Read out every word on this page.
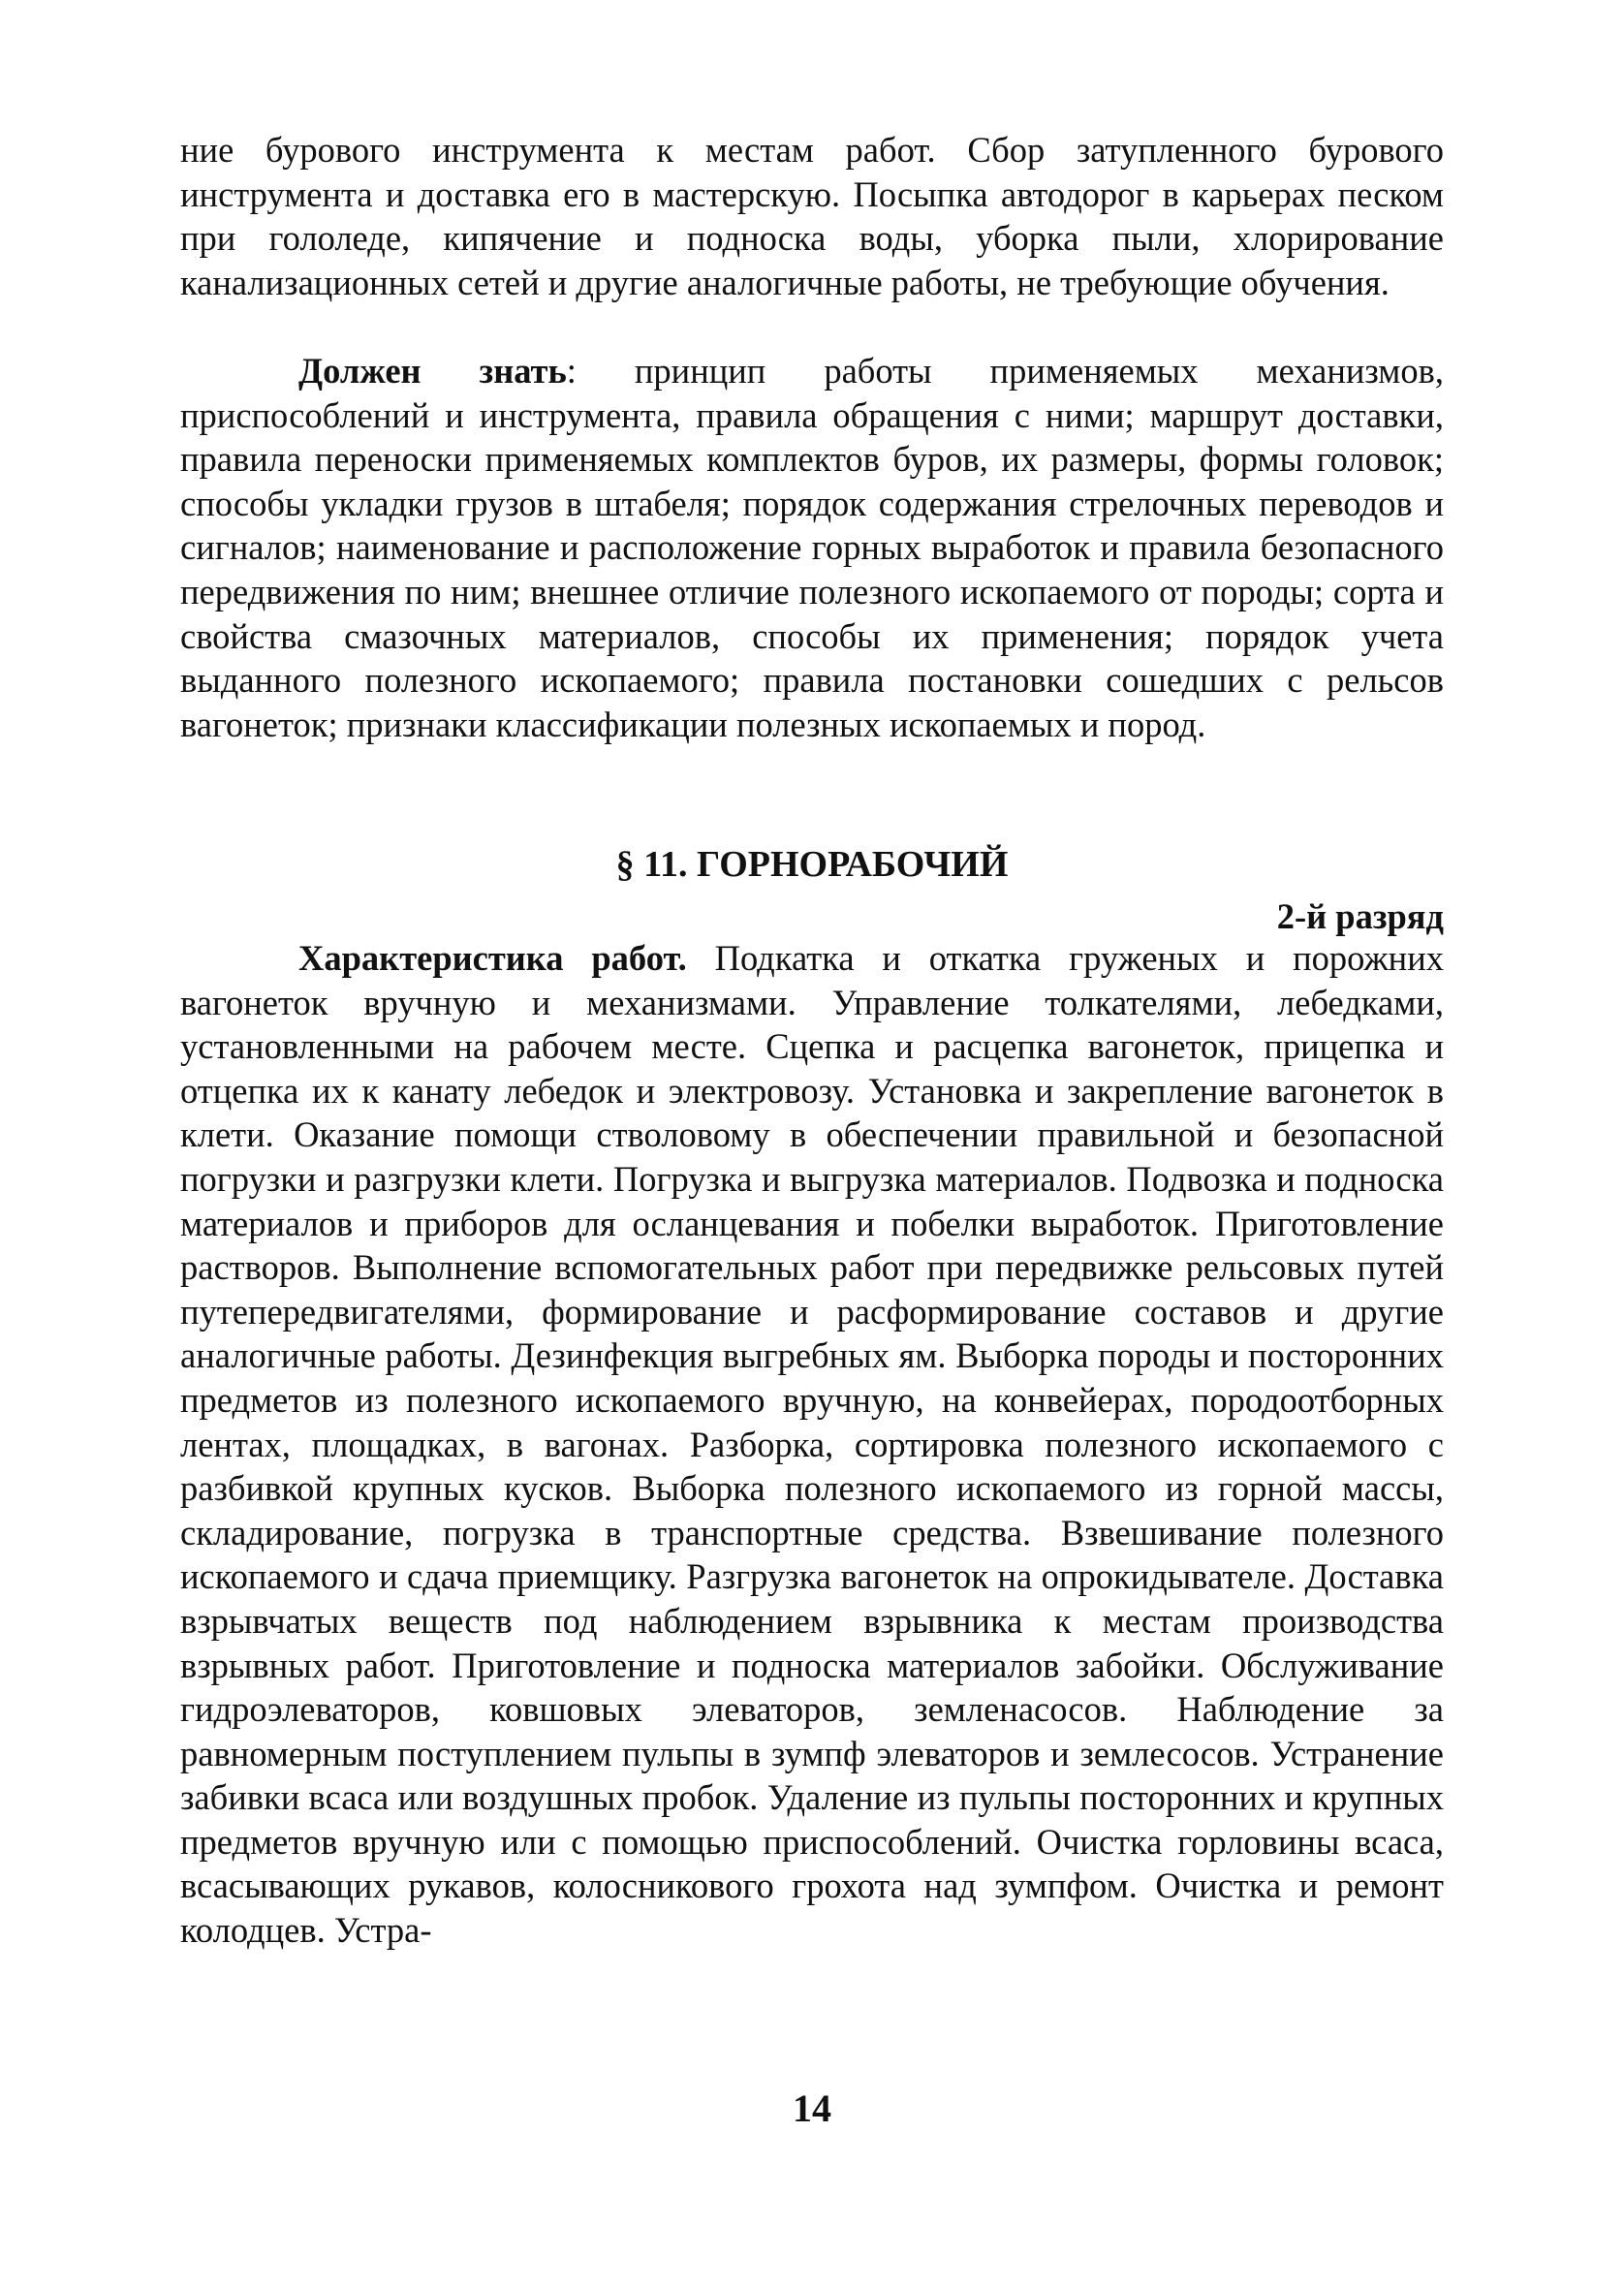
ние бурового инструмента к местам работ. Сбор затупленного бурового инструмента и доставка его в мастерскую. Посыпка автодорог в карьерах песком при гололеде, кипячение и подноска воды, уборка пыли, хлорирование канализационных сетей и другие аналогичные работы, не требующие обучения.

Должен знать: принцип работы применяемых механизмов, приспособлений и инструмента, правила обращения с ними; маршрут доставки, правила переноски применяемых комплектов буров, их размеры, формы головок; способы укладки грузов в штабеля; порядок содержания стрелочных переводов и сигналов; наименование и расположение горных выработок и правила безопасного передвижения по ним; внешнее отличие полезного ископаемого от породы; сорта и свойства смазочных материалов, способы их применения; порядок учета выданного полезного ископаемого; правила постановки сошедших с рельсов вагонеток; признаки классификации полезных ископаемых и пород.

§ 11. ГОРНОРАБОЧИЙ

2-й разряд

Характеристика работ. Подкатка и откатка груженых и порожних вагонеток вручную и механизмами. Управление толкателями, лебедками, установленными на рабочем месте. Сцепка и расцепка вагонеток, прицепка и отцепка их к канату лебедок и электровозу. Установка и закрепление вагонеток в клети. Оказание помощи стволовому в обеспечении правильной и безопасной погрузки и разгрузки клети. Погрузка и выгрузка материалов. Подвозка и подноска материалов и приборов для осланцевания и побелки выработок. Приготовление растворов. Выполнение вспомогательных работ при передвижке рельсовых путей путепередвигателями, формирование и расформирование составов и другие аналогичные работы. Дезинфекция выгребных ям. Выборка породы и посторонних предметов из полезного ископаемого вручную, на конвейерах, породоотборных лентах, площадках, в вагонах. Разборка, сортировка полезного ископаемого с разбивкой крупных кусков. Выборка полезного ископаемого из горной массы, складирование, погрузка в транспортные средства. Взвешивание полезного ископаемого и сдача приемщику. Разгрузка вагонеток на опрокидывателе. Доставка взрывчатых веществ под наблюдением взрывника к местам производства взрывных работ. Приготовление и подноска материалов забойки. Обслуживание гидроэлеваторов, ковшовых элеваторов, земленасосов. Наблюдение за равномерным поступлением пульпы в зумпф элеваторов и землесосов. Устранение забивки всаса или воздушных пробок. Удаление из пульпы посторонних и крупных предметов вручную или с помощью приспособлений. Очистка горловины всаса, всасывающих рукавов, колосникового грохота над зумпфом. Очистка и ремонт колодцев. Устра-

14
